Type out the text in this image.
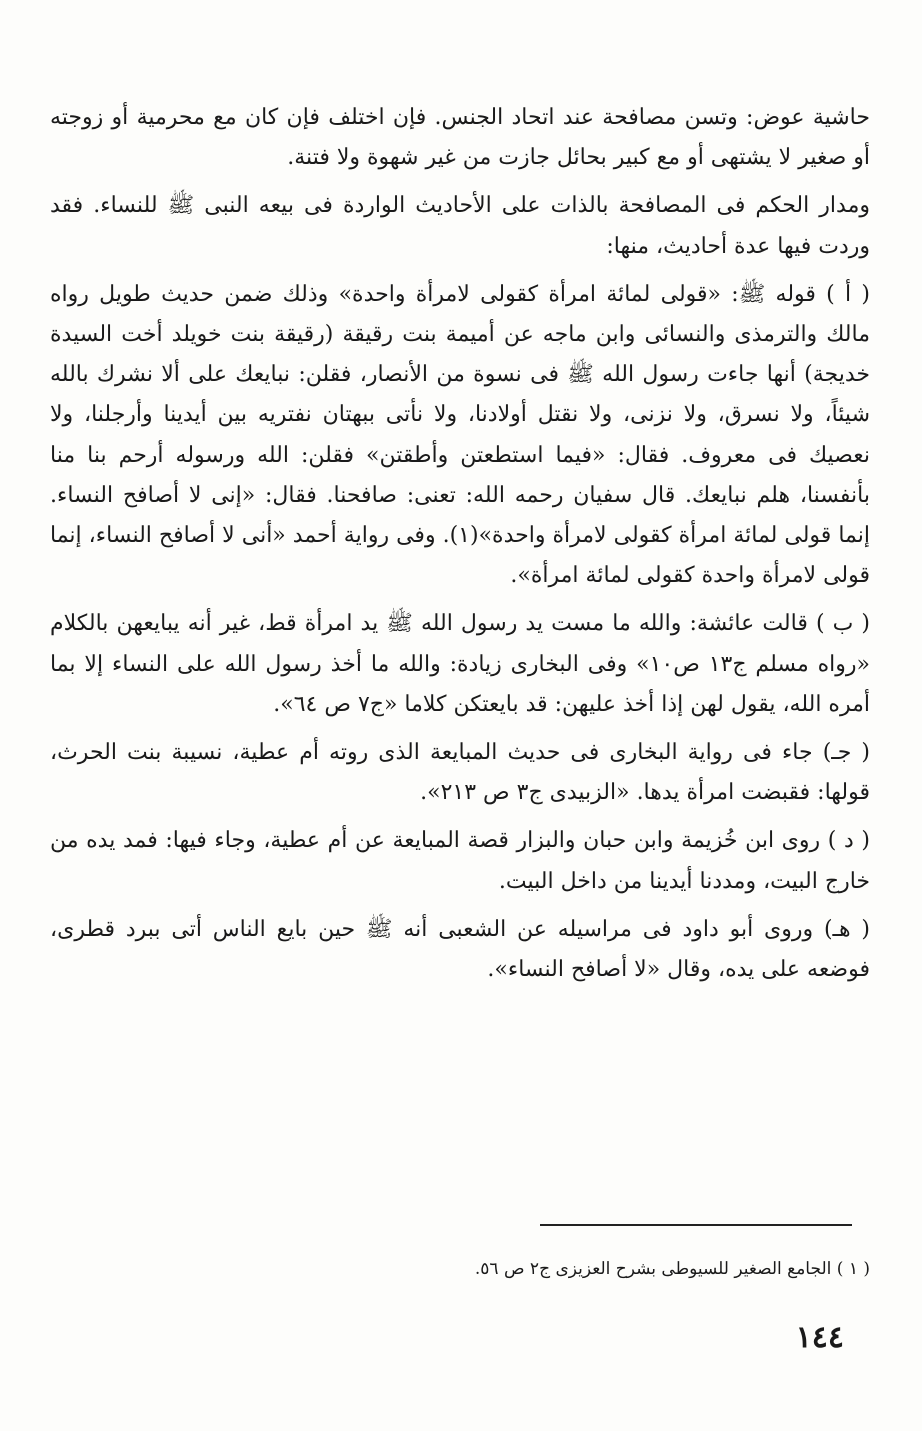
حاشية عوض: وتسن مصافحة عند اتحاد الجنس. فإن اختلف فإن كان مع محرمية أو زوجته أو صغير لا يشتهى أو مع كبير بحائل جازت من غير شهوة ولا فتنة.

ومدار الحكم فى المصافحة بالذات على الأحاديث الواردة فى بيعه النبى ﷺ للنساء. فقد وردت فيها عدة أحاديث، منها:

( أ ) قوله ﷺ: «قولى لمائة امرأة كقولى لامرأة واحدة» وذلك ضمن حديث طويل رواه مالك والترمذى والنسائى وابن ماجه عن أميمة بنت رقيقة (رقيقة بنت خويلد أخت السيدة خديجة) أنها جاءت رسول الله ﷺ فى نسوة من الأنصار، فقلن: نبايعك على ألا نشرك بالله شيئاً، ولا نسرق، ولا نزنى، ولا نقتل أولادنا، ولا نأتى ببهتان نفتريه بين أيدينا وأرجلنا، ولا نعصيك فى معروف. فقال: «فيما استطعتن وأطقتن» فقلن: الله ورسوله أرحم بنا منا بأنفسنا، هلم نبايعك. قال سفيان رحمه الله: تعنى: صافحنا. فقال: «إنى لا أصافح النساء. إنما قولى لمائة امرأة كقولى لامرأة واحدة»(١). وفى رواية أحمد «أنى لا أصافح النساء، إنما قولى لامرأة واحدة كقولى لمائة امرأة».

( ب ) قالت عائشة: والله ما مست يد رسول الله ﷺ يد امرأة قط، غير أنه يبايعهن بالكلام «رواه مسلم ج١٣ ص١٠» وفى البخارى زيادة: والله ما أخذ رسول الله على النساء إلا بما أمره الله، يقول لهن إذا أخذ عليهن: قد بايعتكن كلاما «ج٧ ص ٦٤».

( جـ) جاء فى رواية البخارى فى حديث المبايعة الذى روته أم عطية، نسيبة بنت الحرث، قولها: فقبضت امرأة يدها. «الزبيدى ج٣ ص ٢١٣».

( د ) روى ابن خُزيمة وابن حبان والبزار قصة المبايعة عن أم عطية، وجاء فيها: فمد يده من خارج البيت، ومددنا أيدينا من داخل البيت.

( هـ) وروى أبو داود فى مراسيله عن الشعبى أنه ﷺ حين بايع الناس أتى ببرد قطرى، فوضعه على يده، وقال «لا أصافح النساء».

( ١ ) الجامع الصغير للسيوطى بشرح العزيزى ج٢ ص ٥٦.

١٤٤
